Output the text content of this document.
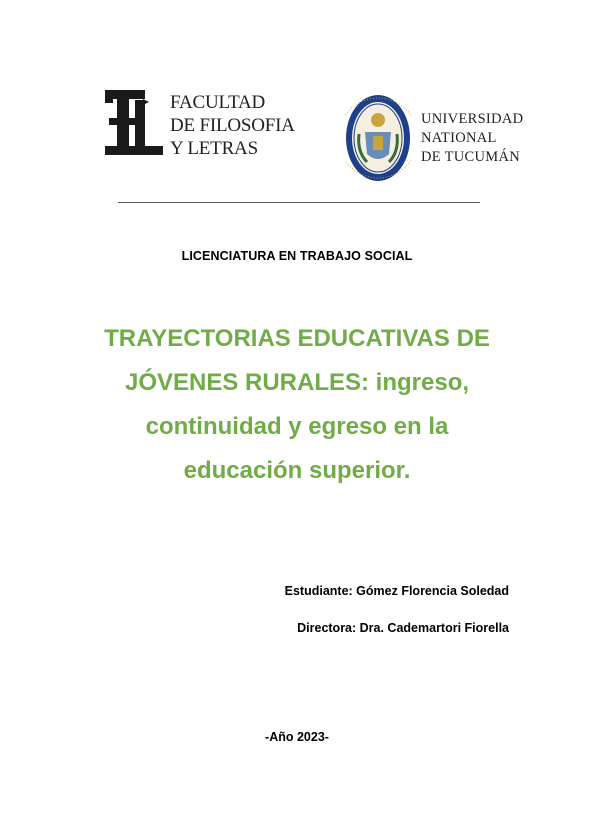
FACULTAD
DE FILOSOFIA
Y LETRAS
UNIVERSIDAD
NATIONAL
DE TUCUMÁN
LICENCIATURA EN TRABAJO SOCIAL
TRAYECTORIAS EDUCATIVAS DE
JÓVENES RURALES: ingreso,
continuidad y egreso en la
educación superior.
Estudiante: Gómez Florencia Soledad
Directora: Dra. Cademartori Fiorella
-Año 2023-
